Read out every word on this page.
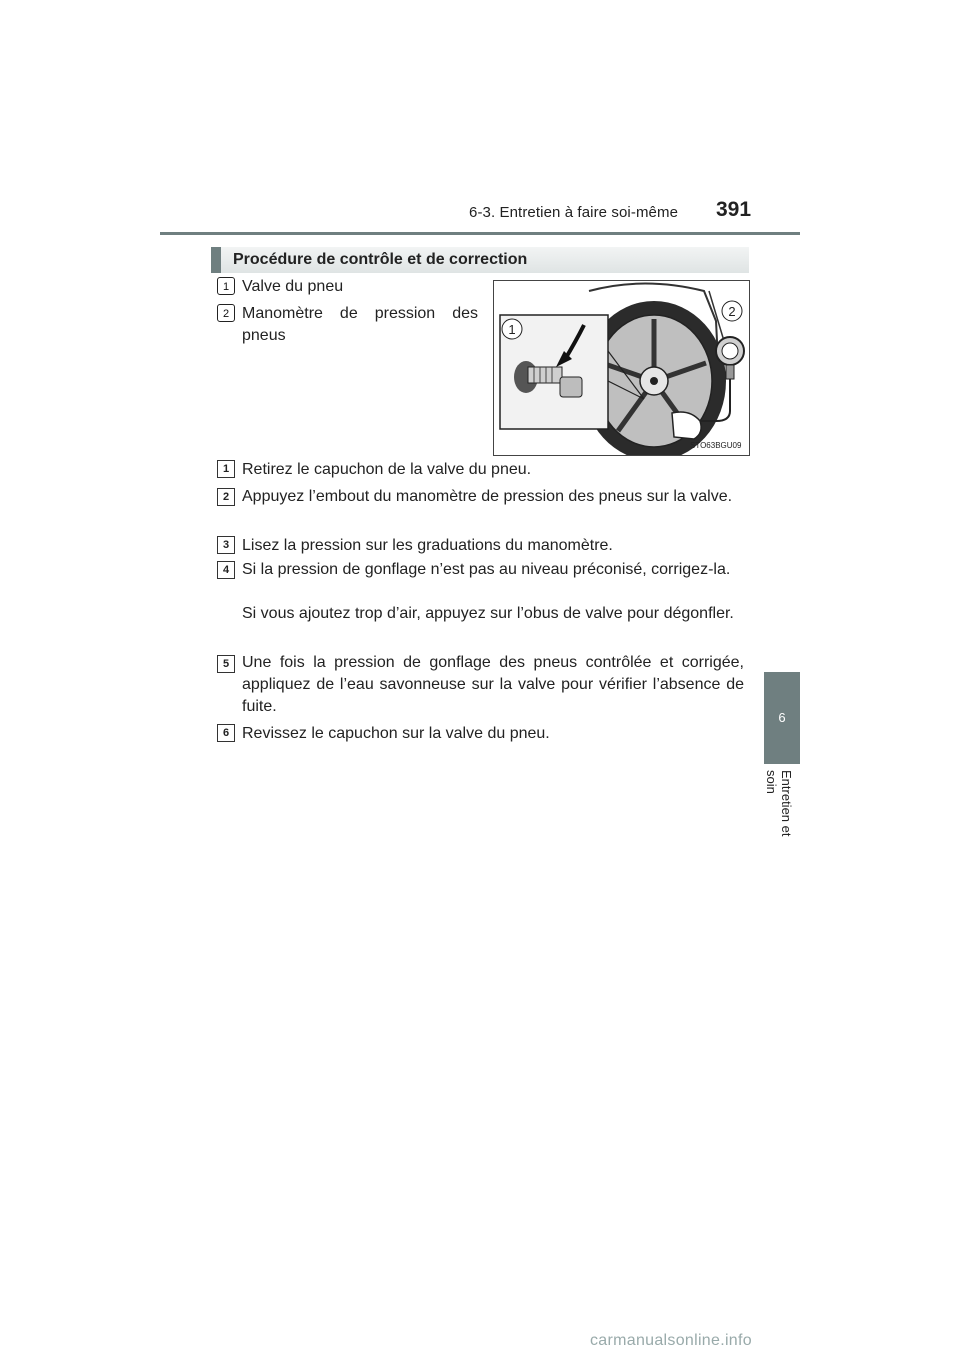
6-3. Entretien à faire soi-même 391
6
Entretien et soin
Procédure de contrôle et de correction
1 Valve du pneu
2 Manomètre de pression des pneus	1
2
STO63BGU09
1 Retirez le capuchon de la valve du pneu.
2 Appuyez l’embout du manomètre de pression des pneus sur la valve.
3 Lisez la pression sur les graduations du manomètre.
4 Si la pression de gonflage n’est pas au niveau préconisé, corrigez-la.
Si vous ajoutez trop d’air, appuyez sur l’obus de valve pour dégonfler.
5 Une fois la pression de gonflage des pneus contrôlée et corrigée, appliquez de l’eau savonneuse sur la valve pour vérifier l’absence de fuite.
6 Revissez le capuchon sur la valve du pneu.
carmanualsonline.info
